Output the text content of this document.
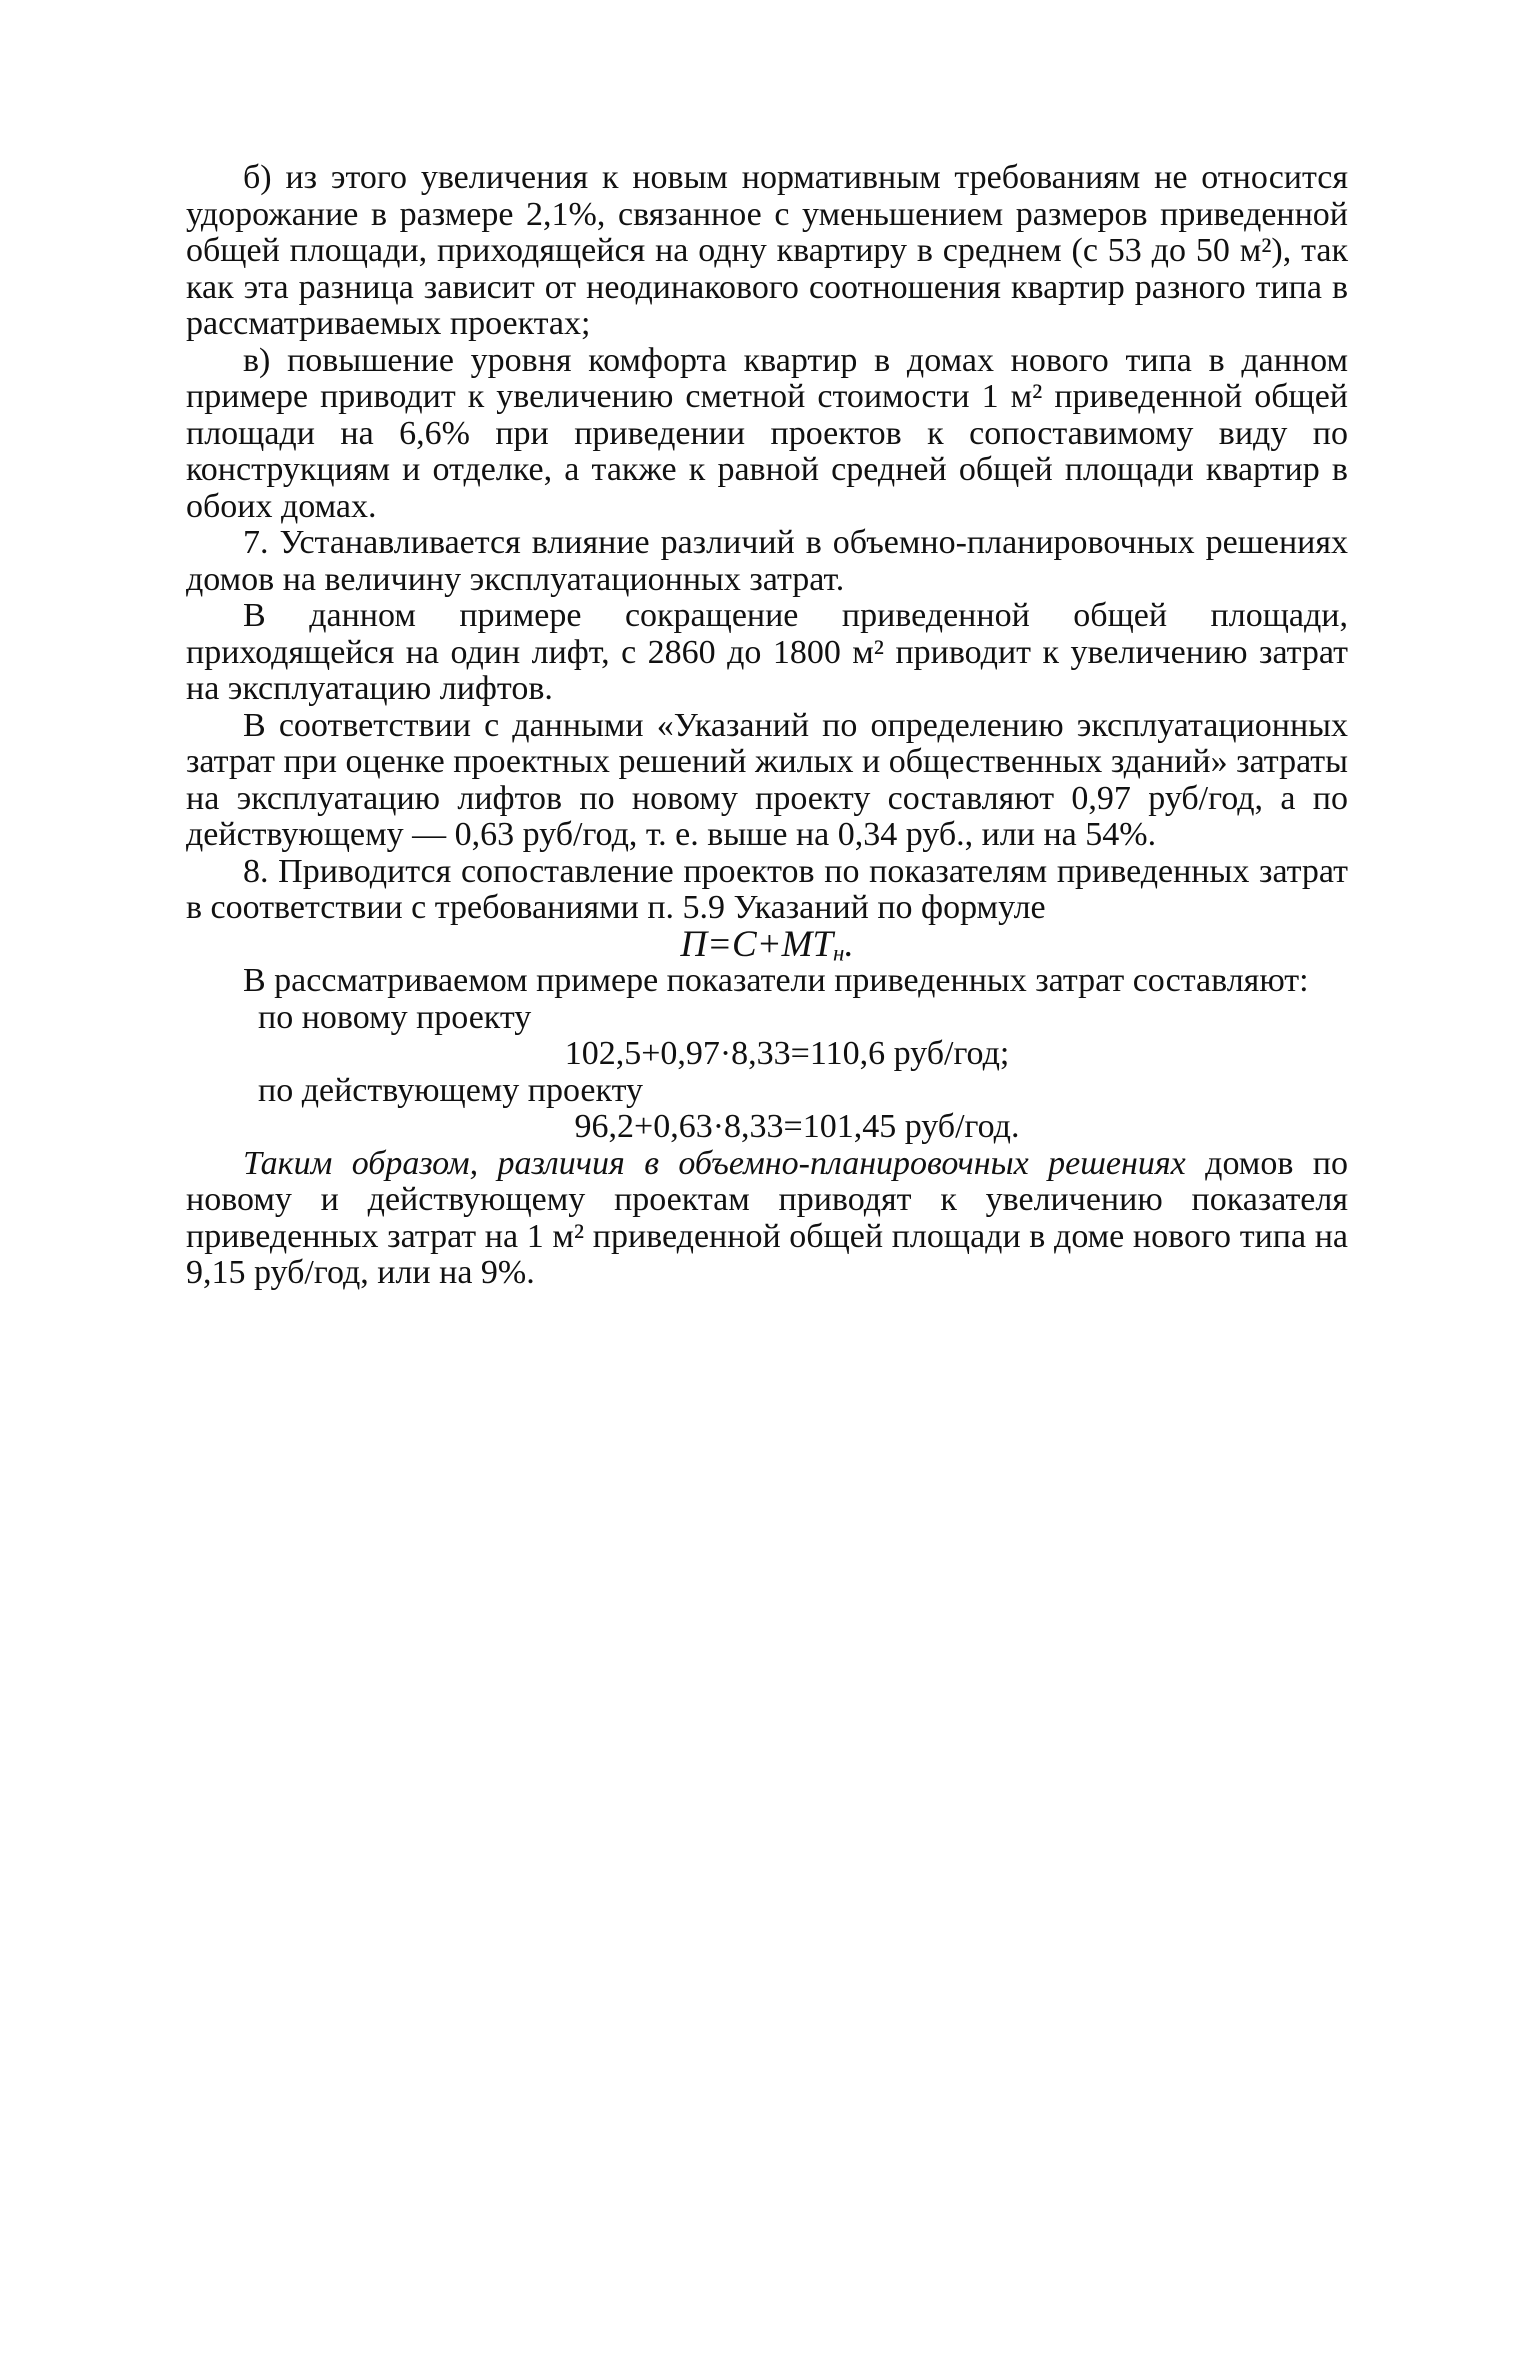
б) из этого увеличения к новым нормативным требованиям не относится удорожание в размере 2,1%, связанное с уменьшением размеров приведенной общей площади, приходящейся на одну квартиру в среднем (с 53 до 50 м²), так как эта разница зависит от неодинакового соотношения квартир разного типа в рассматриваемых проектах;

в) повышение уровня комфорта квартир в домах нового типа в данном примере приводит к увеличению сметной стоимости 1 м² приведенной общей площади на 6,6% при приведении проектов к сопоставимому виду по конструкциям и отделке, а также к равной средней общей площади квартир в обоих домах.

7. Устанавливается влияние различий в объемно-планировочных решениях домов на величину эксплуатационных затрат.

В данном примере сокращение приведенной общей площади, приходящейся на один лифт, с 2860 до 1800 м² приводит к увеличению затрат на эксплуатацию лифтов.

В соответствии с данными «Указаний по определению эксплуатационных затрат при оценке проектных решений жилых и общественных зданий» затраты на эксплуатацию лифтов по новому проекту составляют 0,97 руб/год, а по действующему — 0,63 руб/год, т. е. выше на 0,34 руб., или на 54%.

8. Приводится сопоставление проектов по показателям приведенных затрат в соответствии с требованиями п. 5.9 Указаний по формуле

$П=С+МТ_н$.

В рассматриваемом примере показатели приведенных затрат составляют:

по новому проекту

102,5+0,97·8,33=110,6 руб/год;

по действующему проекту

96,2+0,63·8,33=101,45 руб/год.

Таким образом, различия в объемно-планировочных решениях домов по новому и действующему проектам приводят к увеличению показателя приведенных затрат на 1 м² приведенной общей площади в доме нового типа на 9,15 руб/год, или на 9%.
